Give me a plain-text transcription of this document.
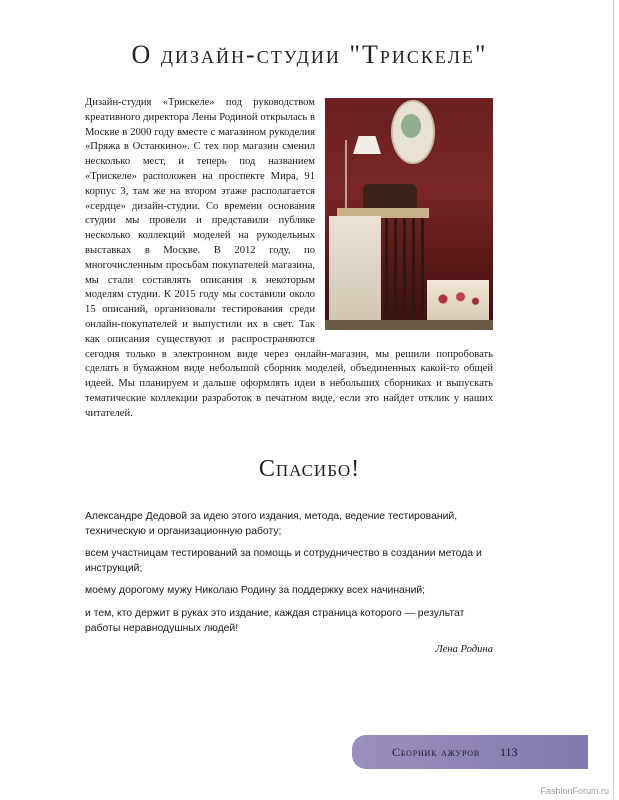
О дизайн-студии "Трискеле"
Дизайн-студия «Трискеле» под руководством креативного директора Лены Родиной открылась в Москве в 2000 году вместе с магазином рукоделия «Пряжа в Останкино». С тех пор магазин сменил несколько мест, и теперь под названием «Трискеле» расположен на проспекте Мира, 91 корпус 3, там же на втором этаже располагается «сердце» дизайн-студии. Со времени основания студии мы провели и представили публике несколько коллекций моделей на рукодельных выставках в Москве. В 2012 году, по многочисленным просьбам покупателей магазина, мы стали составлять описания к некоторым моделям студии. К 2015 году мы составили около 15 описаний, организовали тестирования среди онлайн-покупателей и выпустили их в свет. Так как описания существуют и распространяются сегодня только в электронном виде через онлайн-магазин, мы решили попробовать сделать в бумажном виде небольшой сборник моделей, объединенных какой-то общей идеей. Мы планируем и дальше оформлять идеи в небольших сборниках и выпускать тематические коллекции разработок в печатном виде, если это найдет отклик у наших читателей.
Спасибо!

Александре Дедовой за идею этого издания, метода, ведение тестирований, техническую и организационную работу;

всем участницам тестирований за помощь и сотрудничество в создании метода и инструкций;

моему дорогому мужу Николаю Родину за поддержку всех начинаний;

и тем, кто держит в руках это издание, каждая страница которого — результат работы неравнодушных людей!

Лена Родина
Сборник ажуров 113
FashionForum.ru
